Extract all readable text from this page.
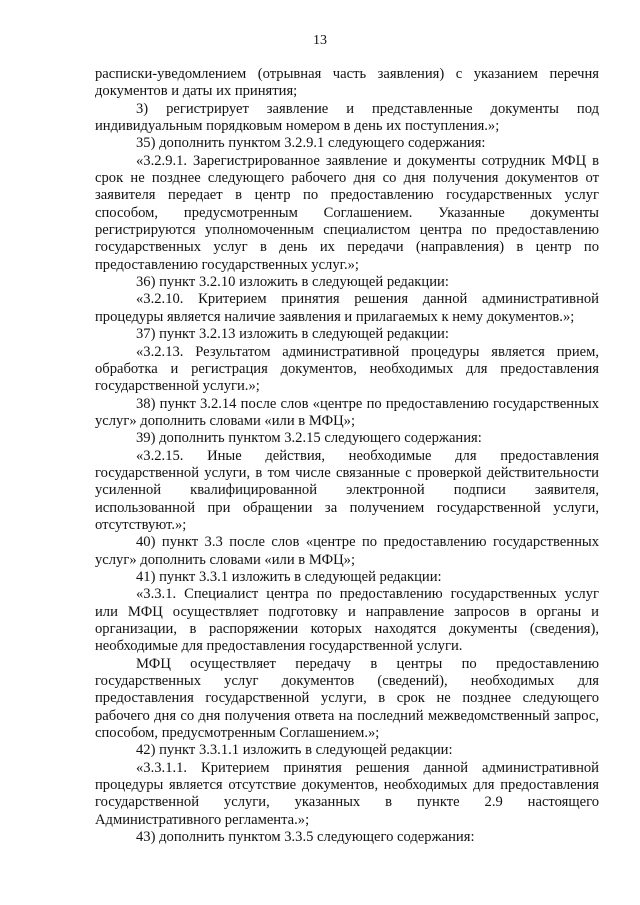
13

расписки-уведомлением (отрывная часть заявления) с указанием перечня документов и даты их принятия;

3) регистрирует заявление и представленные документы под индивидуальным порядковым номером в день их поступления.»;

35) дополнить пунктом 3.2.9.1 следующего содержания:

«3.2.9.1. Зарегистрированное заявление и документы сотрудник МФЦ в срок не позднее следующего рабочего дня со дня получения документов от заявителя передает в центр по предоставлению государственных услуг способом, предусмотренным Соглашением. Указанные документы регистрируются уполномоченным специалистом центра по предоставлению государственных услуг в день их передачи (направления) в центр по предоставлению государственных услуг.»;

36) пункт 3.2.10 изложить в следующей редакции:

«3.2.10. Критерием принятия решения данной административной процедуры является наличие заявления и прилагаемых к нему документов.»;

37) пункт 3.2.13 изложить в следующей редакции:

«3.2.13. Результатом административной процедуры является прием, обработка и регистрация документов, необходимых для предоставления государственной услуги.»;

38) пункт 3.2.14 после слов «центре по предоставлению государственных услуг» дополнить словами «или в МФЦ»;

39) дополнить пунктом 3.2.15 следующего содержания:

«3.2.15. Иные действия, необходимые для предоставления государственной услуги, в том числе связанные с проверкой действительности усиленной квалифицированной электронной подписи заявителя, использованной при обращении за получением государственной услуги, отсутствуют.»;

40) пункт 3.3 после слов «центре по предоставлению государственных услуг» дополнить словами «или в МФЦ»;

41) пункт 3.3.1 изложить в следующей редакции:

«3.3.1. Специалист центра по предоставлению государственных услуг или МФЦ осуществляет подготовку и направление запросов в органы и организации, в распоряжении которых находятся документы (сведения), необходимые для предоставления государственной услуги.

МФЦ осуществляет передачу в центры по предоставлению государственных услуг документов (сведений), необходимых для предоставления государственной услуги, в срок не позднее следующего рабочего дня со дня получения ответа на последний межведомственный запрос, способом, предусмотренным Соглашением.»;

42) пункт 3.3.1.1 изложить в следующей редакции:

«3.3.1.1. Критерием принятия решения данной административной процедуры является отсутствие документов, необходимых для предоставления государственной услуги, указанных в пункте 2.9 настоящего Административного регламента.»;

43) дополнить пунктом 3.3.5 следующего содержания:
